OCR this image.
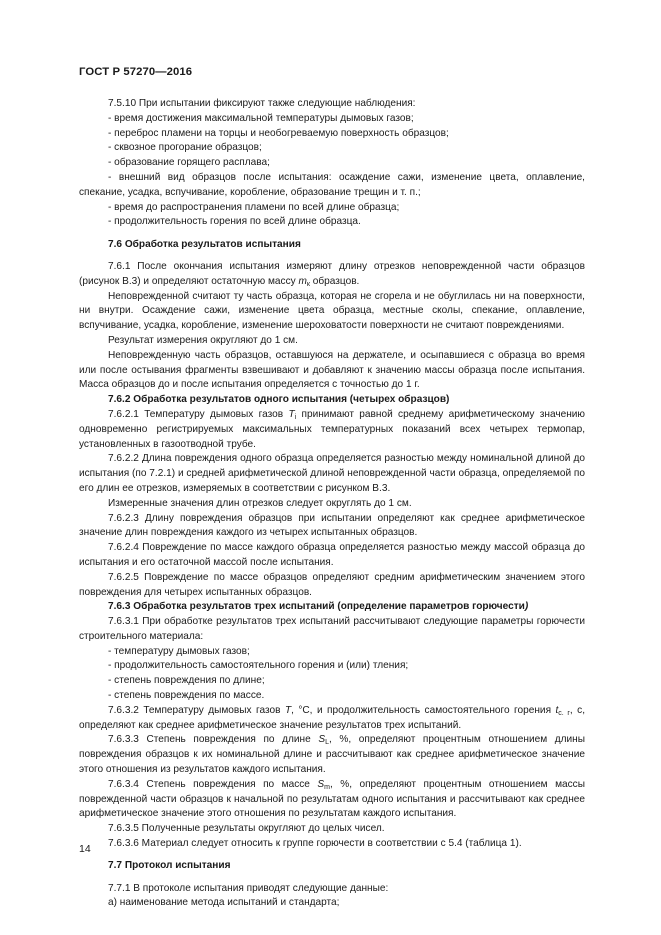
ГОСТ Р 57270—2016

7.5.10 При испытании фиксируют также следующие наблюдения:

- время достижения максимальной температуры дымовых газов;

- переброс пламени на торцы и необогреваемую поверхность образцов;

- сквозное прогорание образцов;

- образование горящего расплава;

- внешний вид образцов после испытания: осаждение сажи, изменение цвета, оплавление, спекание, усадка, вспучивание, коробление, образование трещин и т. п.;

- время до распространения пламени по всей длине образца;

- продолжительность горения по всей длине образца.

7.6 Обработка результатов испытания

7.6.1 После окончания испытания измеряют длину отрезков неповрежденной части образцов (рисунок В.3) и определяют остаточную массу $m_к$ образцов.

Неповрежденной считают ту часть образца, которая не сгорела и не обуглилась ни на поверхности, ни внутри. Осаждение сажи, изменение цвета образца, местные сколы, спекание, оплавление, вспучивание, усадка, коробление, изменение шероховатости поверхности не считают повреждениями.

Результат измерения округляют до 1 см.

Неповрежденную часть образцов, оставшуюся на держателе, и осыпавшиеся с образца во время или после остывания фрагменты взвешивают и добавляют к значению массы образца после испытания. Масса образцов до и после испытания определяется с точностью до 1 г.

7.6.2 Обработка результатов одного испытания (четырех образцов)

7.6.2.1 Температуру дымовых газов $T_i$ принимают равной среднему арифметическому значению одновременно регистрируемых максимальных температурных показаний всех четырех термопар, установленных в газоотводной трубе.

7.6.2.2 Длина повреждения одного образца определяется разностью между номинальной длиной до испытания (по 7.2.1) и средней арифметической длиной неповрежденной части образца, определяемой по его длин ее отрезков, измеряемых в соответствии с рисунком В.3.

Измеренные значения длин отрезков следует округлять до 1 см.

7.6.2.3 Длину повреждения образцов при испытании определяют как среднее арифметическое значение длин повреждения каждого из четырех испытанных образцов.

7.6.2.4 Повреждение по массе каждого образца определяется разностью между массой образца до испытания и его остаточной массой после испытания.

7.6.2.5 Повреждение по массе образцов определяют средним арифметическим значением этого повреждения для четырех испытанных образцов.

7.6.3 Обработка результатов трех испытаний (определение параметров горючести)

7.6.3.1 При обработке результатов трех испытаний рассчитывают следующие параметры горючести строительного материала:

- температуру дымовых газов;

- продолжительность самостоятельного горения и (или) тления;

- степень повреждения по длине;

- степень повреждения по массе.

7.6.3.2 Температуру дымовых газов T, °С, и продолжительность самостоятельного горения $t_{с. г}$, с, определяют как среднее арифметическое значение результатов трех испытаний.

7.6.3.3 Степень повреждения по длине $S_L$, %, определяют процентным отношением длины повреждения образцов к их номинальной длине и рассчитывают как среднее арифметическое значение этого отношения из результатов каждого испытания.

7.6.3.4 Степень повреждения по массе $S_m$, %, определяют процентным отношением массы поврежденной части образцов к начальной по результатам одного испытания и рассчитывают как среднее арифметическое значение этого отношения по результатам каждого испытания.

7.6.3.5 Полученные результаты округляют до целых чисел.

7.6.3.6 Материал следует относить к группе горючести в соответствии с 5.4 (таблица 1).

7.7 Протокол испытания

7.7.1 В протоколе испытания приводят следующие данные:

а) наименование метода испытаний и стандарта;

14
